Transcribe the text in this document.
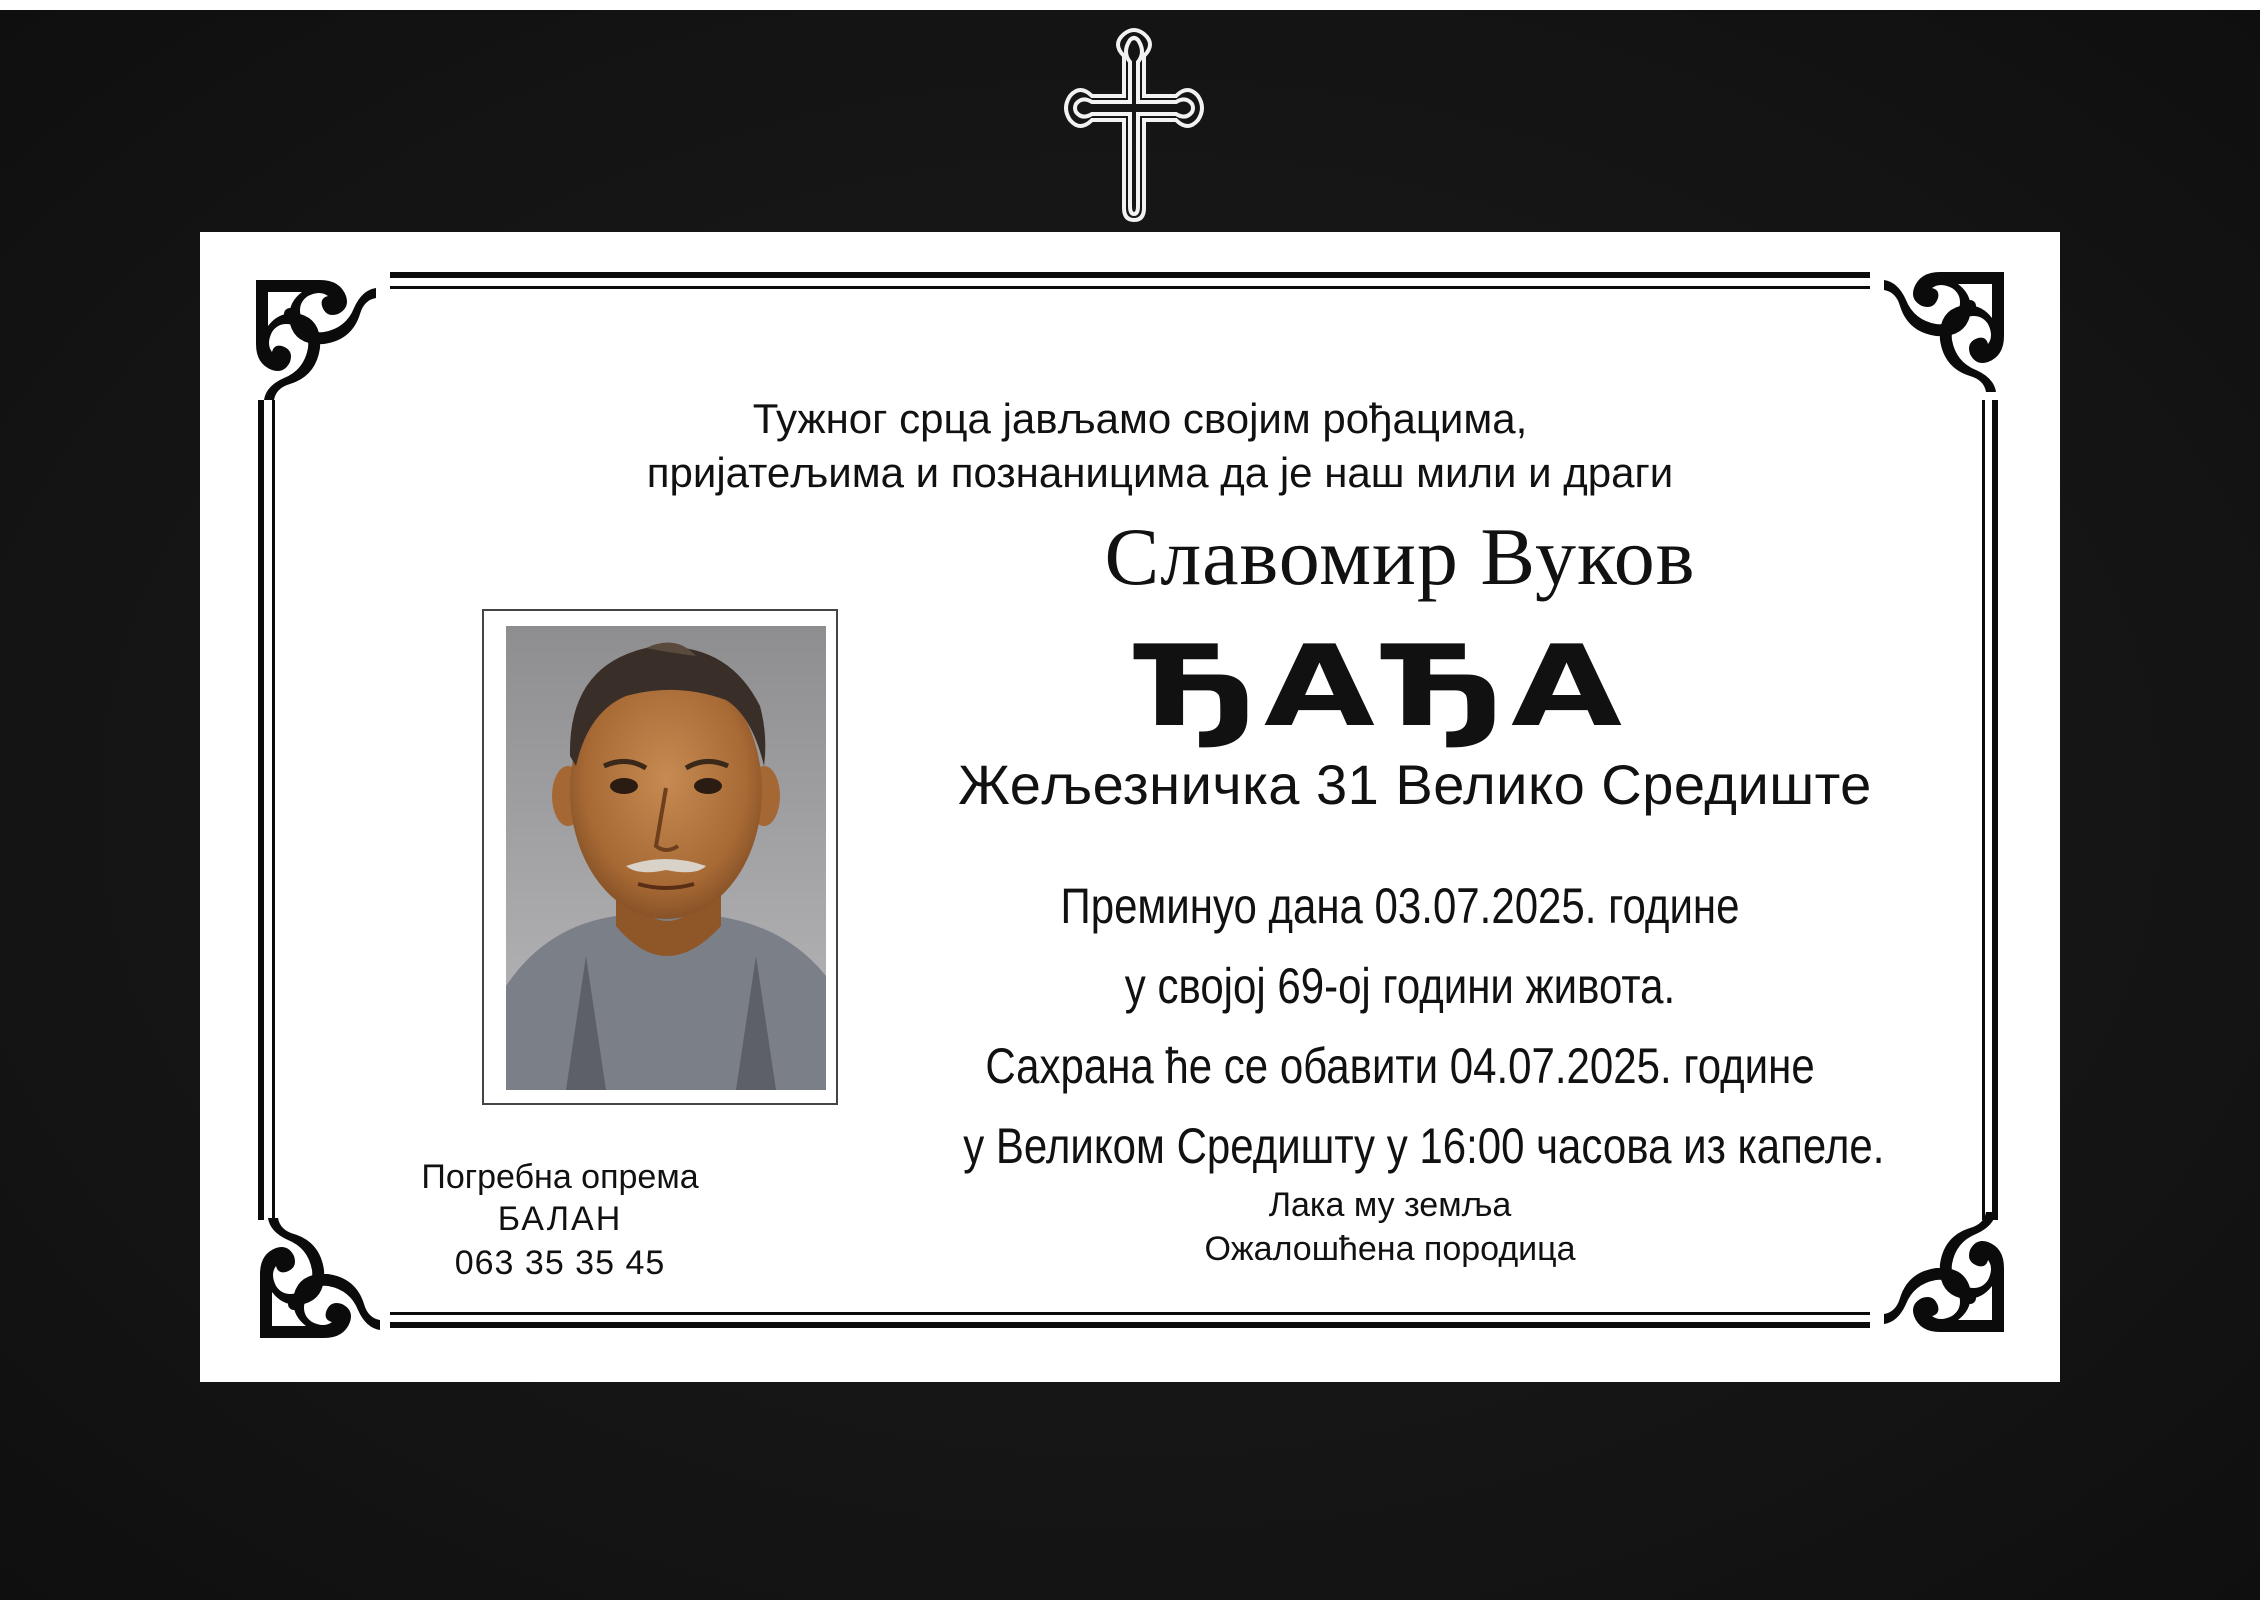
Тужног срца јављамо својим рођацима,
пријатељима и познаницима да је наш мили и драги
Славомир Вуков
ЂАЂА
Жељезничка 31 Велико Средиште
Преминуо дана 03.07.2025. године
у својој 69-ој години живота.
Сахрана ће се обавити 04.07.2025. године
у Великом Средишту у 16:00 часова из капеле.
Лака му земља
Ожалошћена породица
Погребна опрема
БАЛАН
063 35 35 45
